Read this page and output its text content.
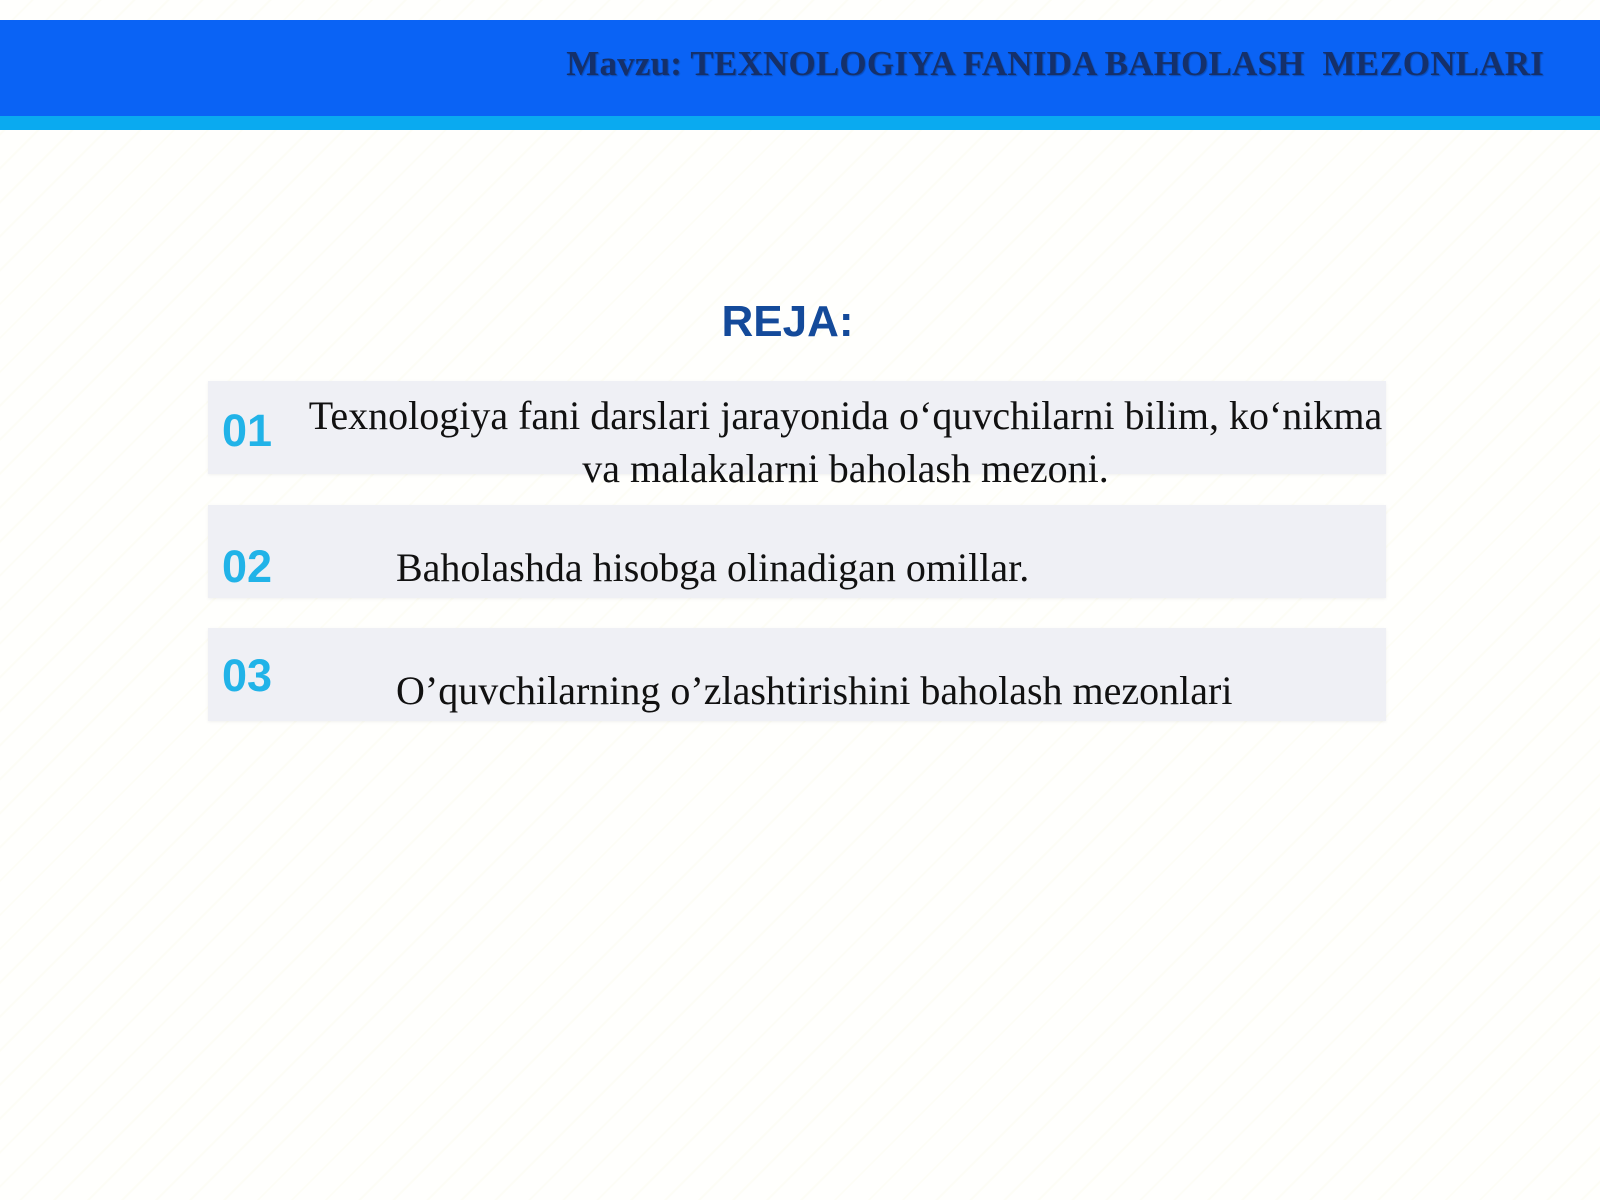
Mavzu: TEXNOLOGIYA FANIDA BAHOLASH  MEZONLARI
REJA:
01 Texnologiya fani darslari jarayonida o‘quvchilarni bilim, ko‘nikma va malakalarni baholash mezoni.
02	Baholashda hisobga olinadigan omillar.
03	O’quvchilarning o’zlashtirishini baholash mezonlari
